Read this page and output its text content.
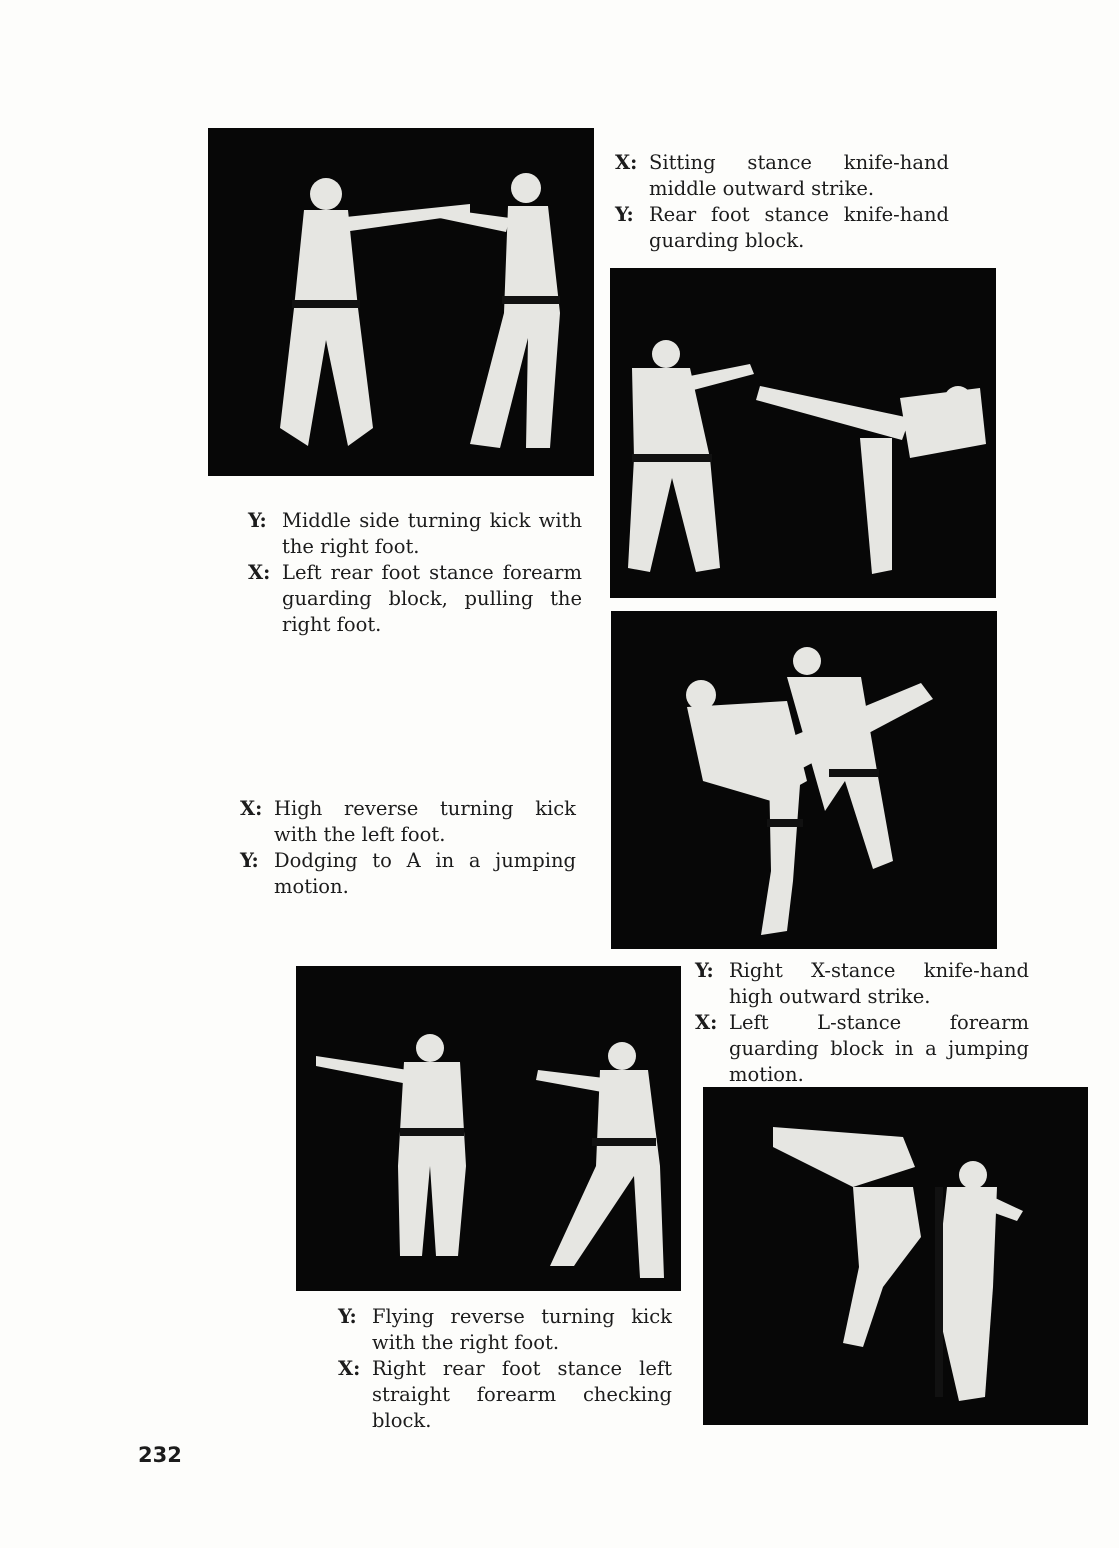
X: Sitting stance knife-hand middle outward strike.
Y: Rear foot stance knife-hand guarding block.
Y: Middle side turning kick with the right foot.
X: Left rear foot stance forearm guarding block, pulling the right foot.
X: High reverse turning kick with the left foot.
Y: Dodging to A in a jumping motion.
Y: Right X-stance knife-hand high outward strike.
X: Left L-stance forearm guarding block in a jumping motion.
Y: Flying reverse turning kick with the right foot.
X: Right rear foot stance left straight forearm checking block.
232
